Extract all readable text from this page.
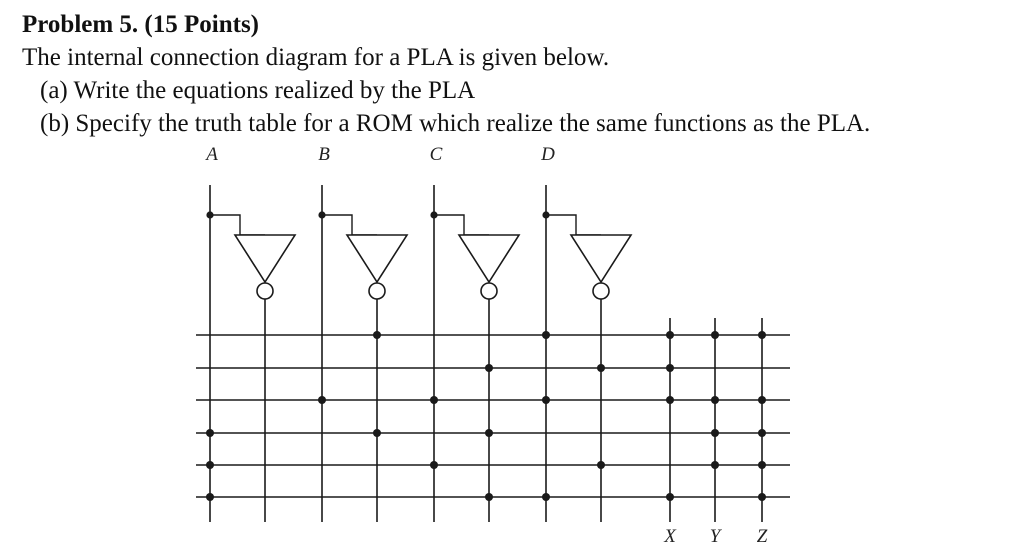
Problem 5. (15 Points)
The internal connection diagram for a PLA is given below.
(a) Write the equations realized by the PLA
(b) Specify the truth table for a ROM which realize the same functions as the PLA.
A	B	C	D
X Y Z
